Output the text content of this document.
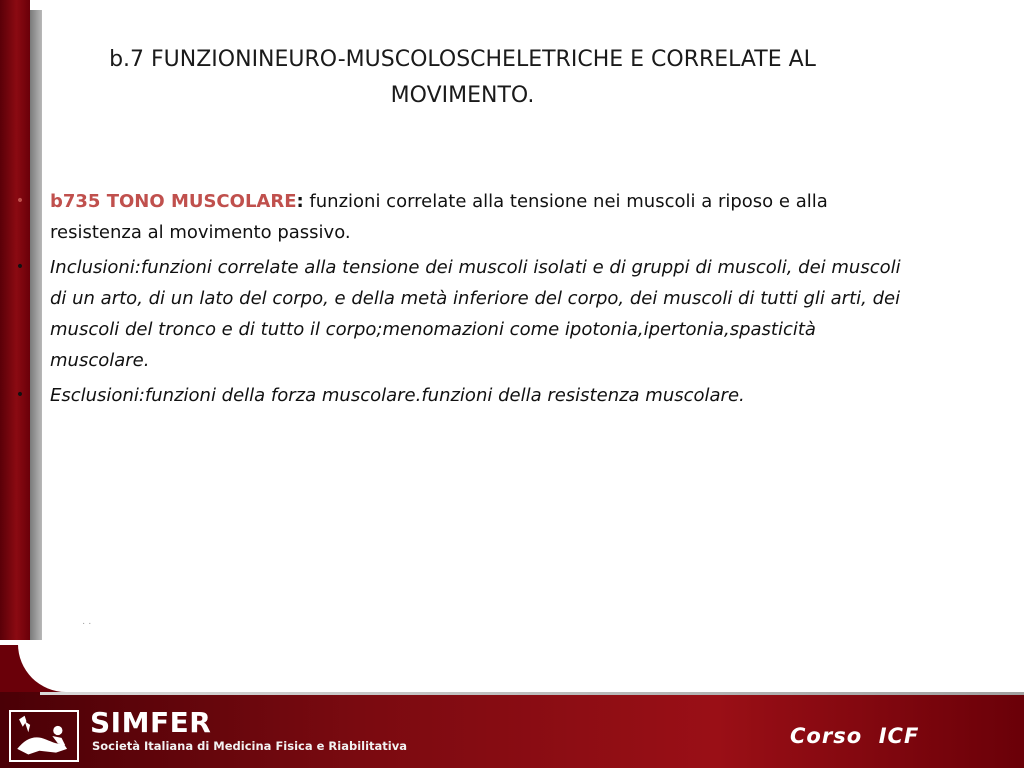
b.7 FUNZIONINEURO-MUSCOLOSCHELETRICHE E CORRELATE AL MOVIMENTO.
• b735 TONO MUSCOLARE: funzioni correlate alla tensione nei muscoli a riposo e alla resistenza al movimento passivo.
• Inclusioni:funzioni correlate alla tensione dei muscoli isolati e di gruppi di muscoli, dei muscoli di un arto, di un lato del corpo, e della metà inferiore del corpo, dei muscoli di tutti gli arti, dei muscoli del tronco e di tutto il corpo;menomazioni come ipotonia,ipertonia,spasticità muscolare.
• Esclusioni:funzioni della forza muscolare.funzioni della resistenza muscolare.
· ·
SIMFER
Società Italiana di Medicina Fisica e Riabilitativa	Corso  ICF
